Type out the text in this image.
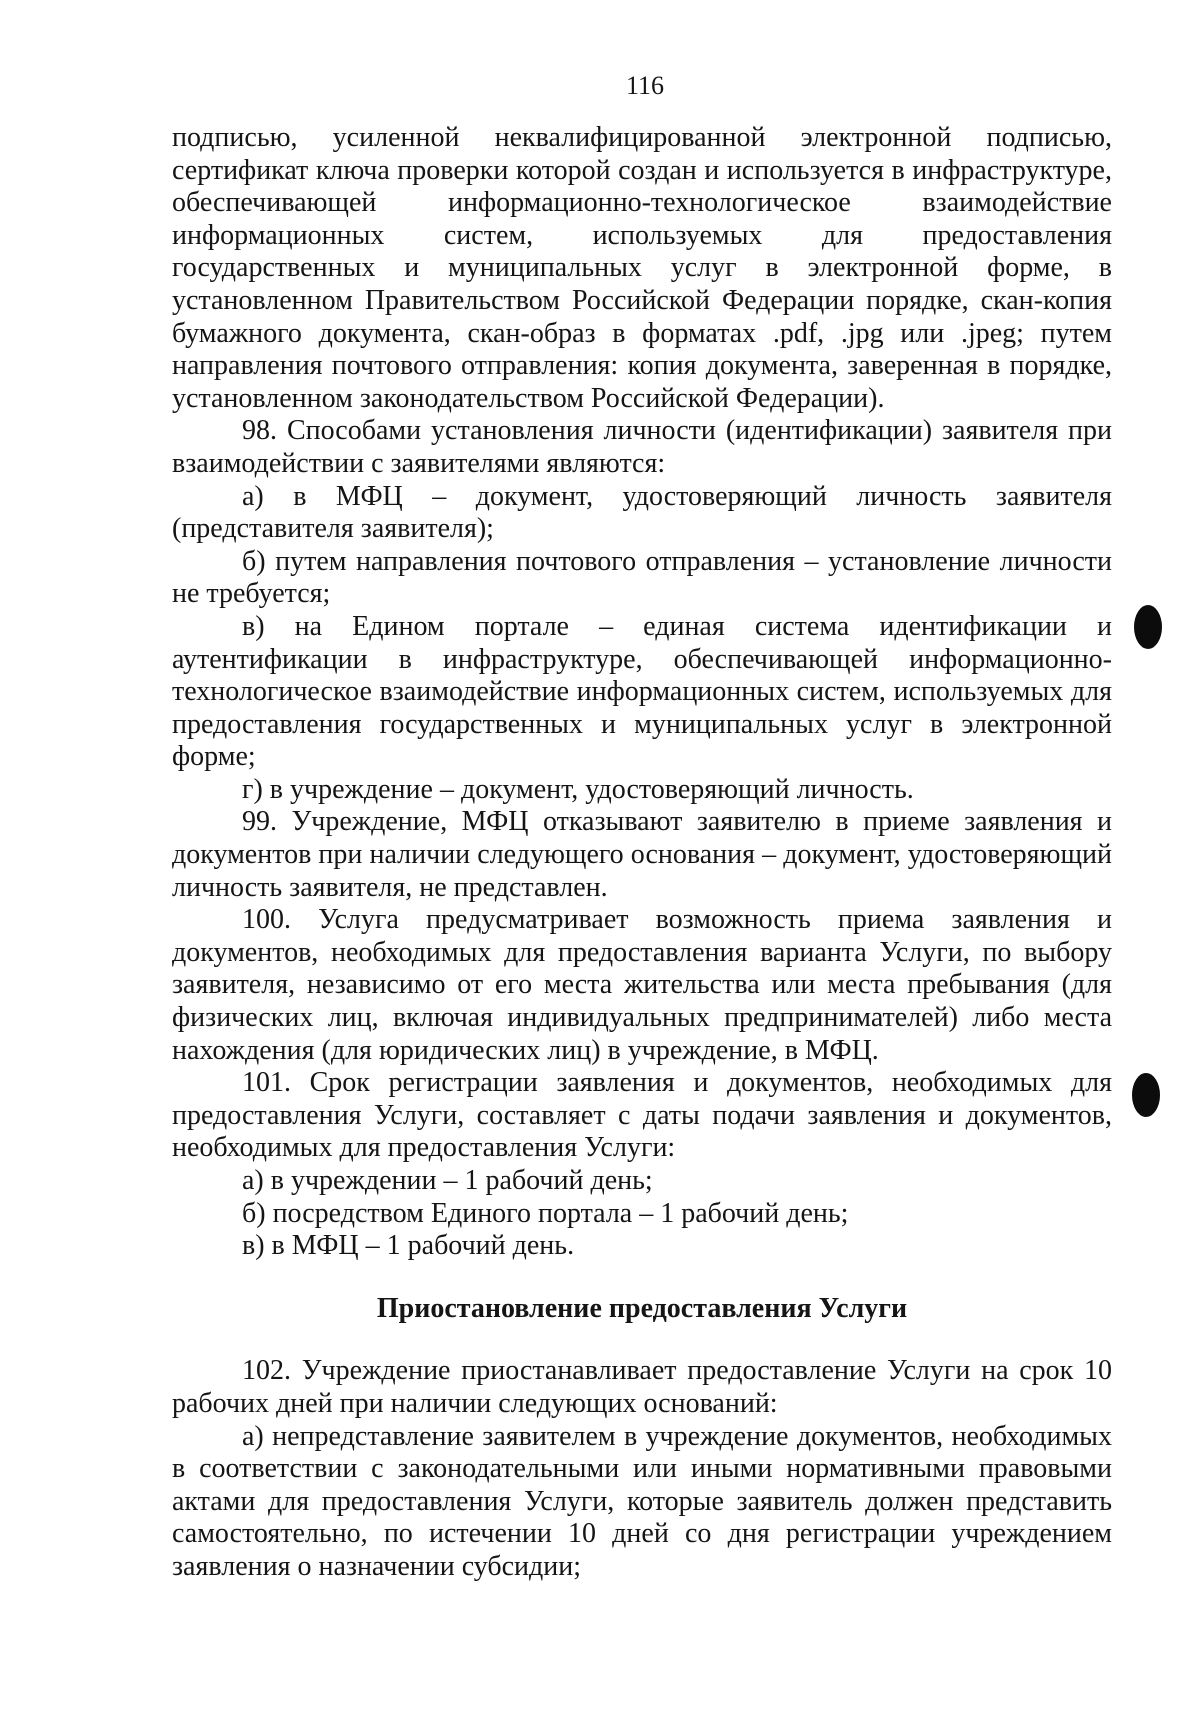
116

подписью, усиленной неквалифицированной электронной подписью, сертификат ключа проверки которой создан и используется в инфраструктуре, обеспечивающей информационно-технологическое взаимодействие информационных систем, используемых для предоставления государственных и муниципальных услуг в электронной форме, в установленном Правительством Российской Федерации порядке, скан-копия бумажного документа, скан-образ в форматах .pdf, .jpg или .jpeg; путем направления почтового отправления: копия документа, заверенная в порядке, установленном законодательством Российской Федерации).

98. Способами установления личности (идентификации) заявителя при взаимодействии с заявителями являются:

а) в МФЦ – документ, удостоверяющий личность заявителя (представителя заявителя);

б) путем направления почтового отправления – установление личности не требуется;

в) на Едином портале – единая система идентификации и аутентификации в инфраструктуре, обеспечивающей информационно-технологическое взаимодействие информационных систем, используемых для предоставления государственных и муниципальных услуг в электронной форме;

г) в учреждение – документ, удостоверяющий личность.

99. Учреждение, МФЦ отказывают заявителю в приеме заявления и документов при наличии следующего основания – документ, удостоверяющий личность заявителя, не представлен.

100. Услуга предусматривает возможность приема заявления и документов, необходимых для предоставления варианта Услуги, по выбору заявителя, независимо от его места жительства или места пребывания (для физических лиц, включая индивидуальных предпринимателей) либо места нахождения (для юридических лиц) в учреждение, в МФЦ.

101. Срок регистрации заявления и документов, необходимых для предоставления Услуги, составляет с даты подачи заявления и документов, необходимых для предоставления Услуги:

а) в учреждении – 1 рабочий день;

б) посредством Единого портала – 1 рабочий день;

в) в МФЦ – 1 рабочий день.

Приостановление предоставления Услуги

102. Учреждение приостанавливает предоставление Услуги на срок 10 рабочих дней при наличии следующих оснований:

а) непредставление заявителем в учреждение документов, необходимых в соответствии с законодательными или иными нормативными правовыми актами для предоставления Услуги, которые заявитель должен представить самостоятельно, по истечении 10 дней со дня регистрации учреждением заявления о назначении субсидии;
